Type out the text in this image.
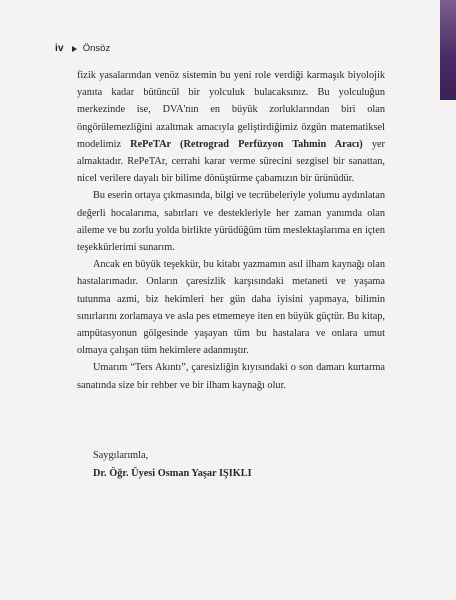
iv Önsöz

fizik yasalarından venöz sistemin bu yeni role verdiği karmaşık biyolojik yanıta kadar bütüncül bir yolculuk bulacaksınız. Bu yolculuğun merkezinde ise, DVA'nın en büyük zorluklarından biri olan öngörülemezliğini azaltmak amacıyla geliştirdiğimiz özgün matematiksel modelimiz RePeTAr (Retrograd Perfüzyon Tahmin Aracı) yer almaktadır. RePeTAr, cerrahi karar verme sürecini sezgisel bir sanattan, nicel verilere dayalı bir bilime dönüştürme çabamızın bir ürünüdür.

Bu eserin ortaya çıkmasında, bilgi ve tecrübeleriyle yolumu aydınlatan değerli hocalarıma, sabırları ve destekleriyle her zaman yanımda olan aileme ve bu zorlu yolda birlikte yürüdüğüm tüm meslektaşlarıma en içten teşekkürlerimi sunarım.

Ancak en büyük teşekkür, bu kitabı yazmamın asıl ilham kaynağı olan hastalarımadır. Onların çaresizlik karşısındaki metaneti ve yaşama tutunma azmi, biz hekimleri her gün daha iyisini yapmaya, bilimin sınırlarını zorlamaya ve asla pes etmemeye iten en büyük güçtür. Bu kitap, ampütasyonun gölgesinde yaşayan tüm bu hastalara ve onlara umut olmaya çalışan tüm hekimlere adanmıştır.

Umarım “Ters Akıntı”, çaresizliğin kıyısındaki o son damarı kurtarma sanatında size bir rehber ve bir ilham kaynağı olur.

Saygılarımla,
Dr. Öğr. Üyesi Osman Yaşar IŞIKLI
